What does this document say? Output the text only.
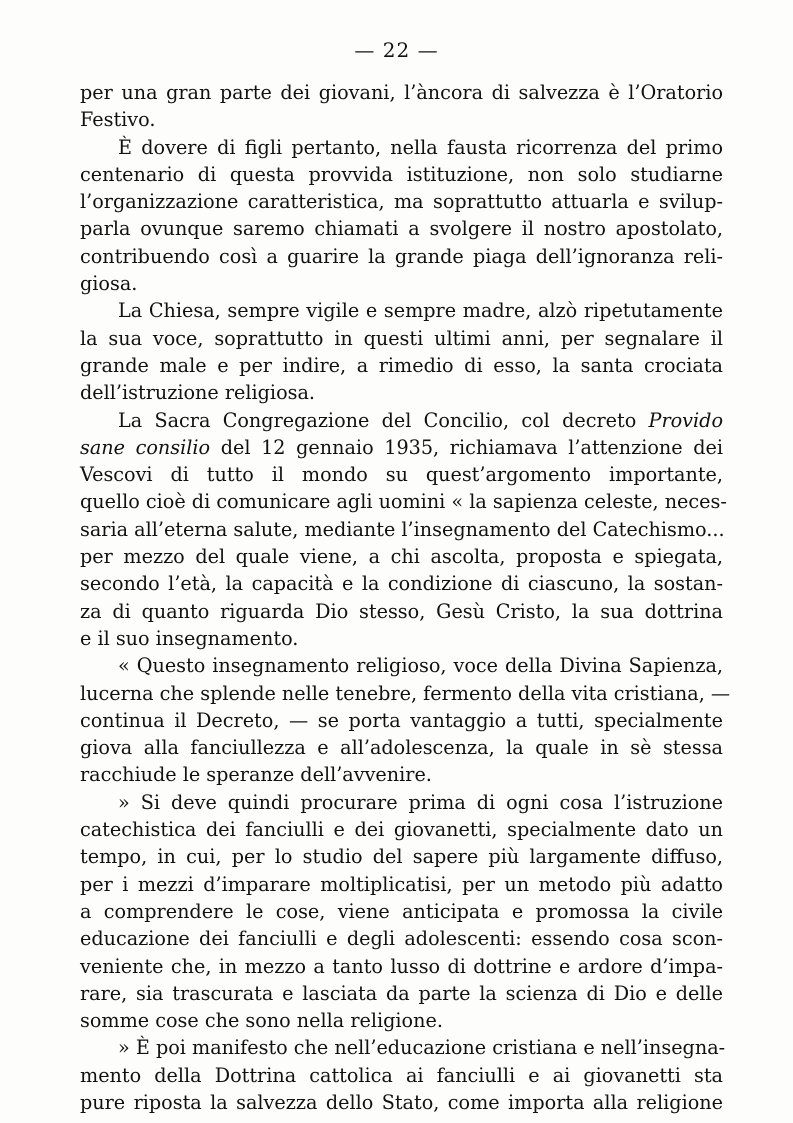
— 22 —
per una gran parte dei giovani, l’àncora di salvezza è l’Oratorio
Festivo.
È dovere di figli pertanto, nella fausta ricorrenza del primo
centenario di questa provvida istituzione, non solo studiarne
l’organizzazione caratteristica, ma soprattutto attuarla e svilup-
parla ovunque saremo chiamati a svolgere il nostro apostolato,
contribuendo così a guarire la grande piaga dell’ignoranza reli-
giosa.
La Chiesa, sempre vigile e sempre madre, alzò ripetutamente
la sua voce, soprattutto in questi ultimi anni, per segnalare il
grande male e per indire, a rimedio di esso, la santa crociata
dell’istruzione religiosa.
La Sacra Congregazione del Concilio, col decreto Provido
sane consilio del 12 gennaio 1935, richiamava l’attenzione dei
Vescovi di tutto il mondo su quest’argomento importante,
quello cioè di comunicare agli uomini « la sapienza celeste, neces-
saria all’eterna salute, mediante l’insegnamento del Catechismo...
per mezzo del quale viene, a chi ascolta, proposta e spiegata,
secondo l’età, la capacità e la condizione di ciascuno, la sostan-
za di quanto riguarda Dio stesso, Gesù Cristo, la sua dottrina
e il suo insegnamento.
« Questo insegnamento religioso, voce della Divina Sapienza,
lucerna che splende nelle tenebre, fermento della vita cristiana, —
continua il Decreto, — se porta vantaggio a tutti, specialmente
giova alla fanciullezza e all’adolescenza, la quale in sè stessa
racchiude le speranze dell’avvenire.
» Si deve quindi procurare prima di ogni cosa l’istruzione
catechistica dei fanciulli e dei giovanetti, specialmente dato un
tempo, in cui, per lo studio del sapere più largamente diffuso,
per i mezzi d’imparare moltiplicatisi, per un metodo più adatto
a comprendere le cose, viene anticipata e promossa la civile
educazione dei fanciulli e degli adolescenti: essendo cosa scon-
veniente che, in mezzo a tanto lusso di dottrine e ardore d’impa-
rare, sia trascurata e lasciata da parte la scienza di Dio e delle
somme cose che sono nella religione.
» È poi manifesto che nell’educazione cristiana e nell’insegna-
mento della Dottrina cattolica ai fanciulli e ai giovanetti sta
pure riposta la salvezza dello Stato, come importa alla religione
